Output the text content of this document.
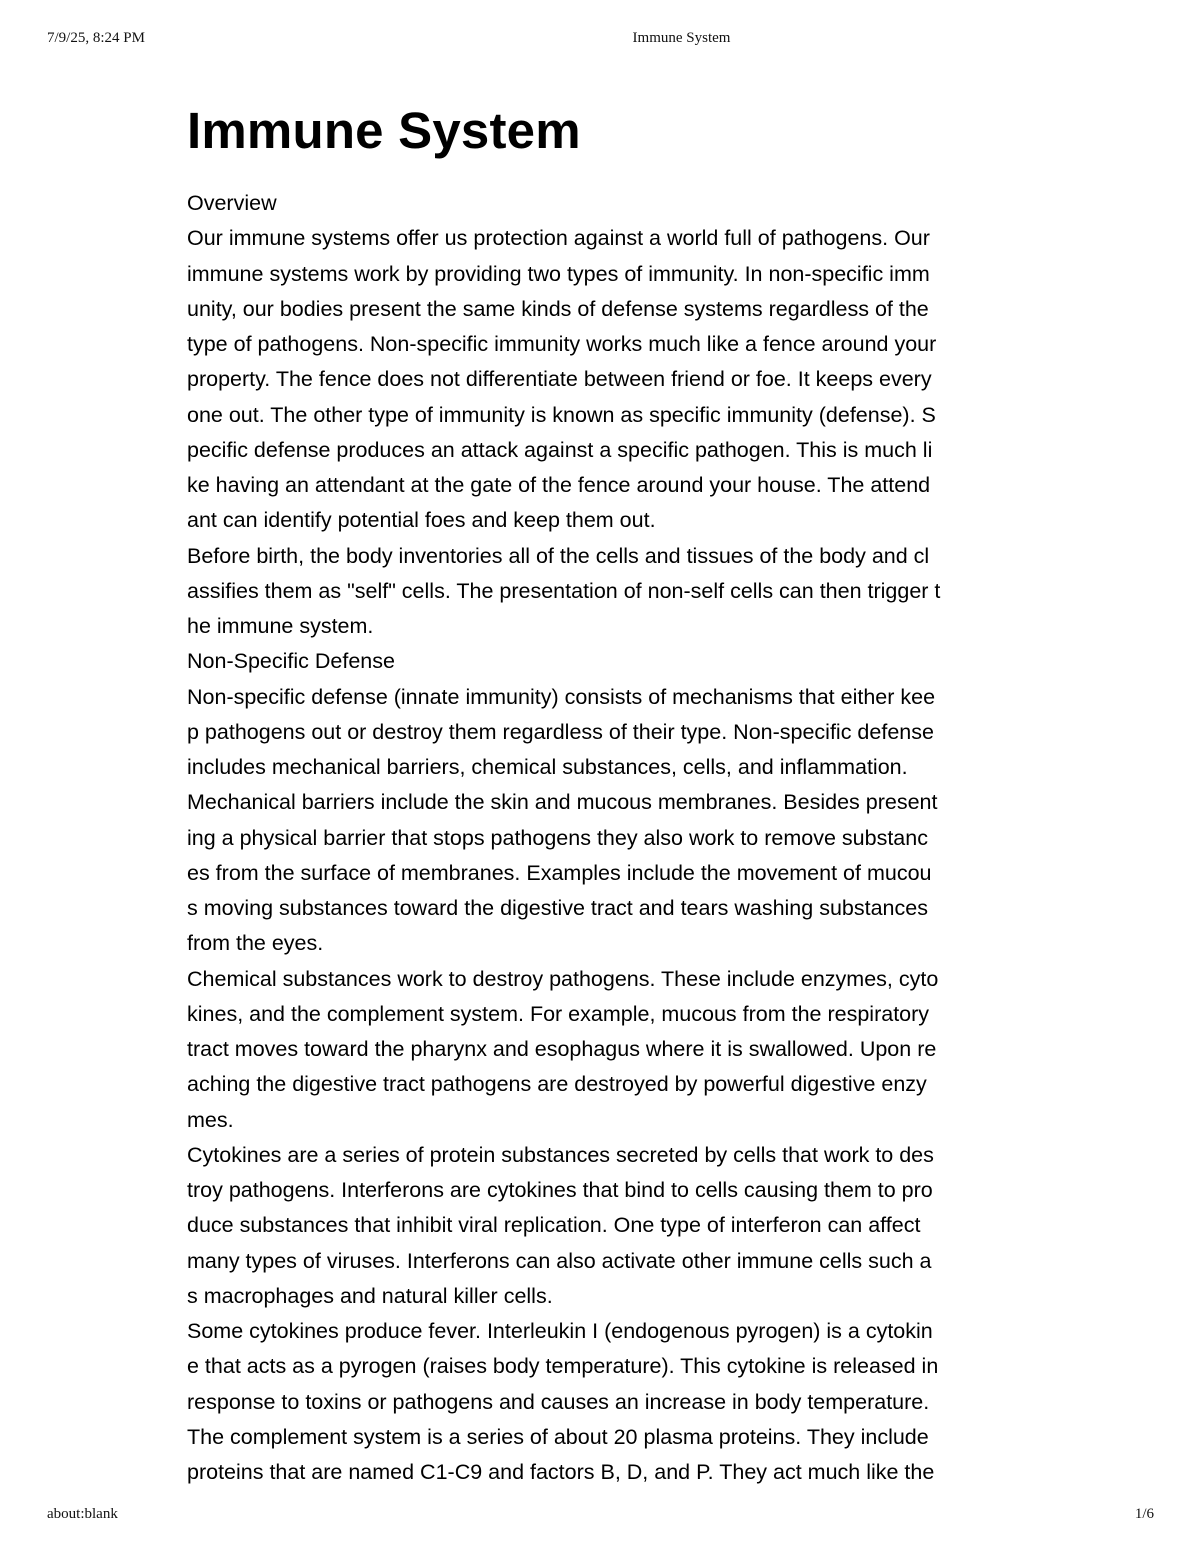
7/9/25, 8:24 PM	Immune System
Immune System
Overview
Our immune systems offer us protection against a world full of pathogens. Our
immune systems work by providing two types of immunity. In non-specific imm
unity, our bodies present the same kinds of defense systems regardless of the
type of pathogens. Non-specific immunity works much like a fence around your
property. The fence does not differentiate between friend or foe. It keeps every
one out. The other type of immunity is known as specific immunity (defense). S
pecific defense produces an attack against a specific pathogen. This is much li
ke having an attendant at the gate of the fence around your house. The attend
ant can identify potential foes and keep them out.
Before birth, the body inventories all of the cells and tissues of the body and cl
assifies them as "self" cells. The presentation of non-self cells can then trigger t
he immune system.
Non-Specific Defense
Non-specific defense (innate immunity) consists of mechanisms that either kee
p pathogens out or destroy them regardless of their type. Non-specific defense
includes mechanical barriers, chemical substances, cells, and inflammation.
Mechanical barriers include the skin and mucous membranes. Besides present
ing a physical barrier that stops pathogens they also work to remove substanc
es from the surface of membranes. Examples include the movement of mucou
s moving substances toward the digestive tract and tears washing substances
from the eyes.
Chemical substances work to destroy pathogens. These include enzymes, cyto
kines, and the complement system. For example, mucous from the respiratory
tract moves toward the pharynx and esophagus where it is swallowed. Upon re
aching the digestive tract pathogens are destroyed by powerful digestive enzy
mes.
Cytokines are a series of protein substances secreted by cells that work to des
troy pathogens. Interferons are cytokines that bind to cells causing them to pro
duce substances that inhibit viral replication. One type of interferon can affect
many types of viruses. Interferons can also activate other immune cells such a
s macrophages and natural killer cells.
Some cytokines produce fever. Interleukin I (endogenous pyrogen) is a cytokin
e that acts as a pyrogen (raises body temperature). This cytokine is released in
response to toxins or pathogens and causes an increase in body temperature.
The complement system is a series of about 20 plasma proteins. They include
proteins that are named C1-C9 and factors B, D, and P. They act much like the
about:blank	1/6
